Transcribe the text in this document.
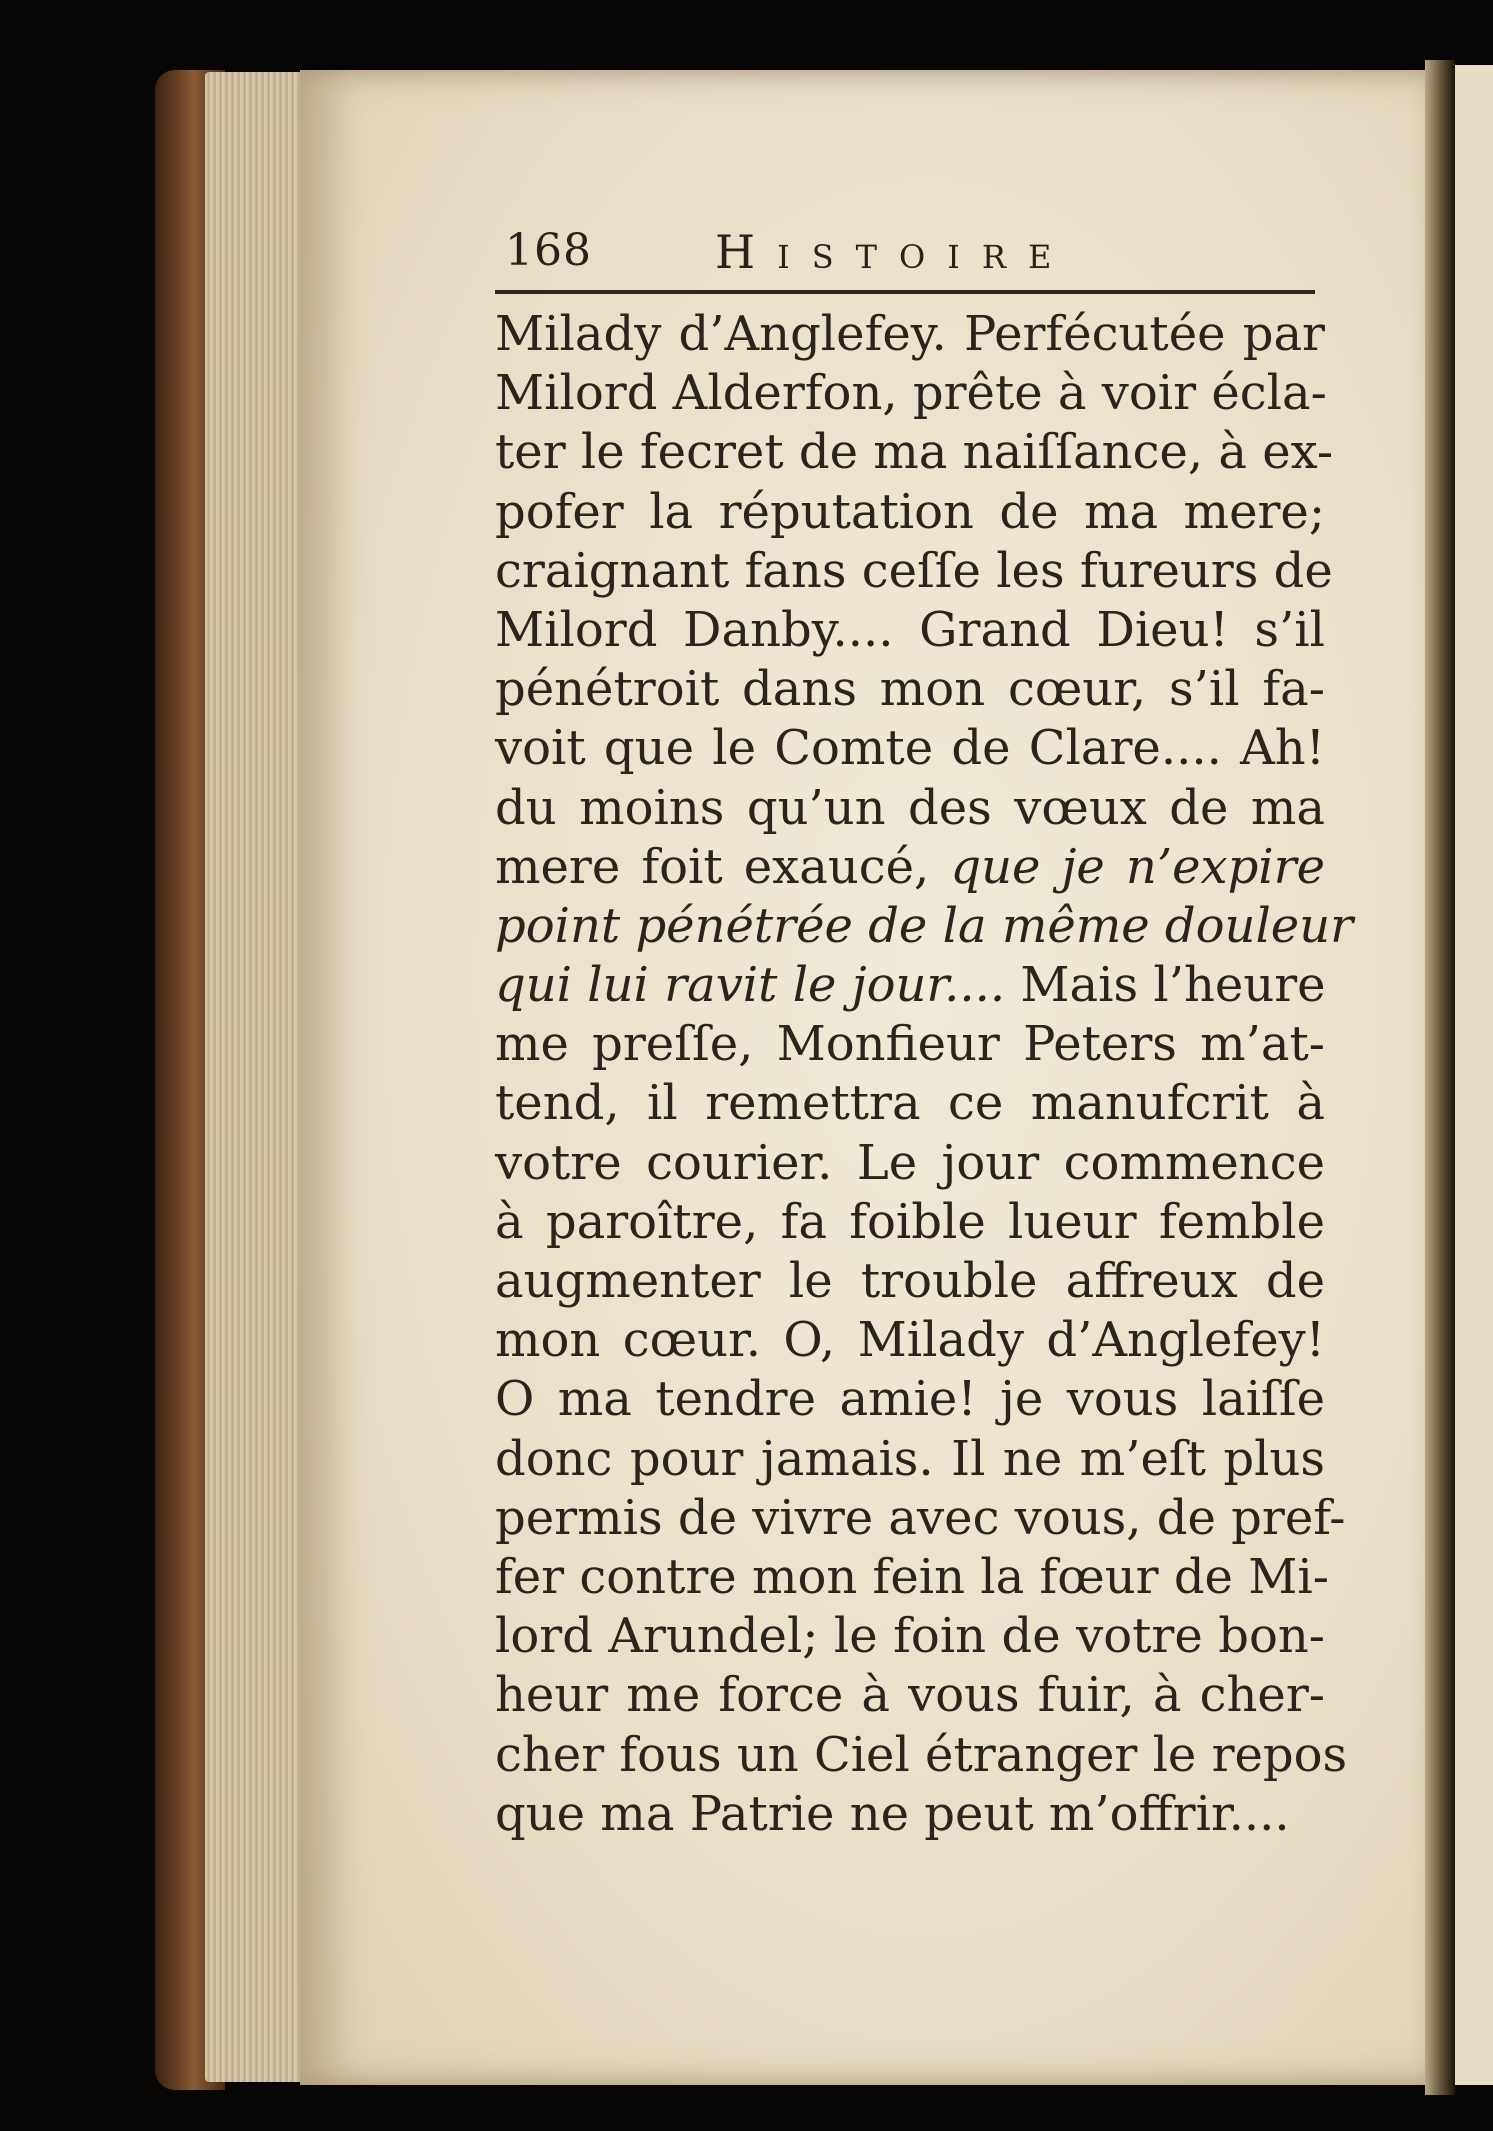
168	Histoire
Milady d’Anglefey. Perfécutée par
Milord Alderfon, prête à voir écla-
ter le fecret de ma naiſſance, à ex-
pofer la réputation de ma mere;
craignant fans ceſſe les fureurs de
Milord Danby.... Grand Dieu! s’il
pénétroit dans mon cœur, s’il fa-
voit que le Comte de Clare.... Ah!
du moins qu’un des vœux de ma
mere foit exaucé, que je n’expire
point pénétrée de la même douleur
qui lui ravit le jour.... Mais l’heure
me preſſe, Monfieur Peters m’at-
tend, il remettra ce manufcrit à
votre courier. Le jour commence
à paroître, fa foible lueur femble
augmenter le trouble affreux de
mon cœur. O, Milady d’Anglefey!
O ma tendre amie! je vous laiſſe
donc pour jamais. Il ne m’eſt plus
permis de vivre avec vous, de pref-
fer contre mon fein la fœur de Mi-
lord Arundel; le foin de votre bon-
heur me force à vous fuir, à cher-
cher fous un Ciel étranger le repos
que ma Patrie ne peut m’offrir....
